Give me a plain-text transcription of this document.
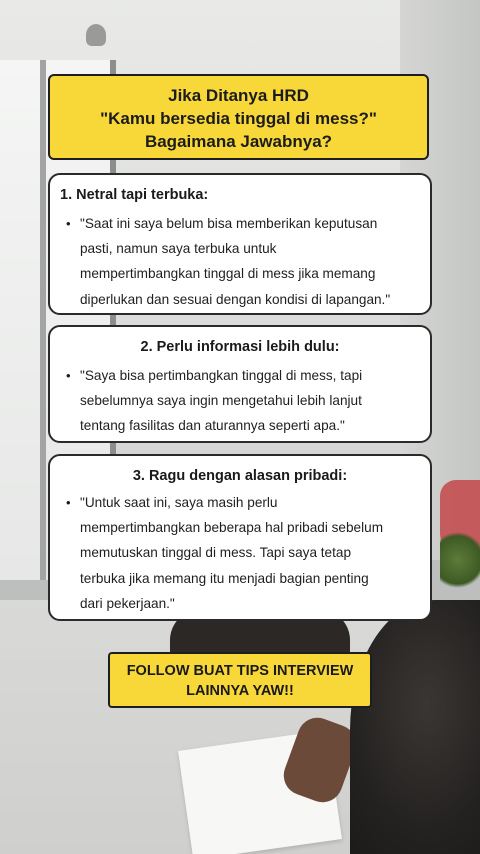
Jika Ditanya HRD
"Kamu bersedia tinggal di mess?"
Bagaimana Jawabnya?
1. Netral tapi terbuka:
• "Saat ini saya belum bisa memberikan keputusan
pasti, namun saya terbuka untuk
mempertimbangkan tinggal di mess jika memang
diperlukan dan sesuai dengan kondisi di lapangan."
2. Perlu informasi lebih dulu:
• "Saya bisa pertimbangkan tinggal di mess, tapi
sebelumnya saya ingin mengetahui lebih lanjut
tentang fasilitas dan aturannya seperti apa."
3. Ragu dengan alasan pribadi:
• "Untuk saat ini, saya masih perlu
mempertimbangkan beberapa hal pribadi sebelum
memutuskan tinggal di mess. Tapi saya tetap
terbuka jika memang itu menjadi bagian penting
dari pekerjaan."
FOLLOW BUAT TIPS INTERVIEW
LAINNYA YAW!!
